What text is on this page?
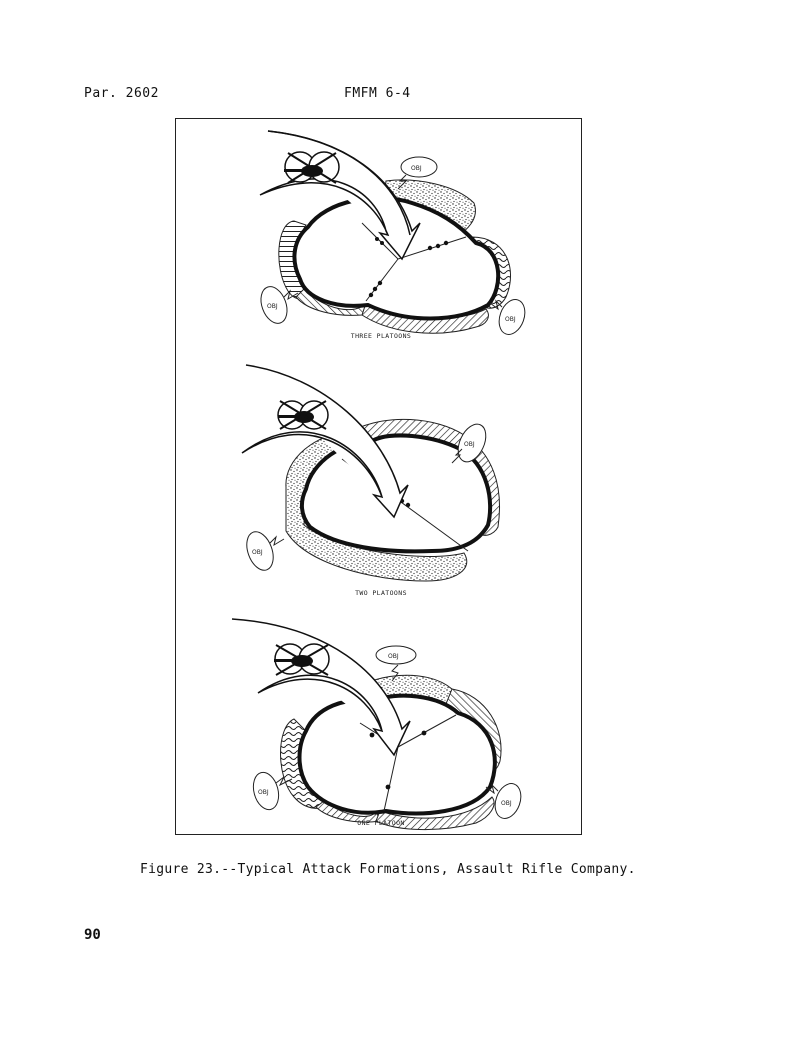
Par. 2602	FMFM 6-4
OBJ
OBJ
OBJ
OBJ
OBJ
OBJ
OBJ
OBJ
THREE PLATOONS
TWO PLATOONS
ONE PLATOON
Figure 23.--Typical Attack Formations, Assault Rifle Company.
90
